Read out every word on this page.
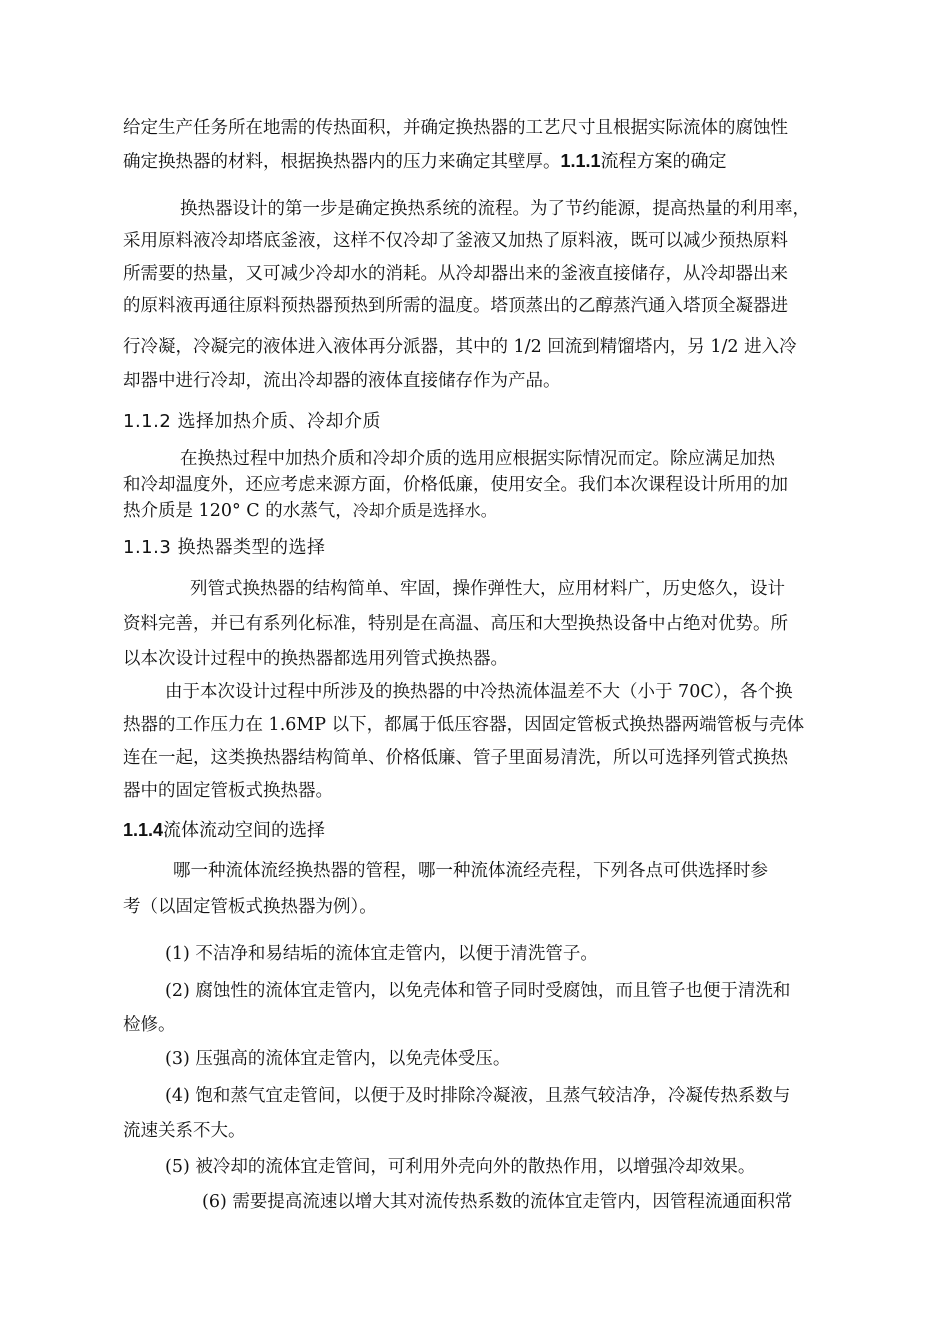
给定生产任务所在地需的传热面积，并确定换热器的工艺尺寸且根据实际流体的腐蚀性
确定换热器的材料，根据换热器内的压力来确定其壁厚。1.1.1流程方案的确定
换热器设计的第一步是确定换热系统的流程。为了节约能源，提高热量的利用率，
采用原料液冷却塔底釜液，这样不仅冷却了釜液又加热了原料液，既可以减少预热原料
所需要的热量，又可减少冷却水的消耗。从冷却器出来的釜液直接储存，从冷却器出来
的原料液再通往原料预热器预热到所需的温度。塔顶蒸出的乙醇蒸汽通入塔顶全凝器进
行冷凝，冷凝完的液体进入液体再分派器，其中的 1/2 回流到精馏塔内，另 1/2 进入冷
却器中进行冷却，流出冷却器的液体直接储存作为产品。
1.1.2 选择加热介质、冷却介质
在换热过程中加热介质和冷却介质的选用应根据实际情况而定。除应满足加热
和冷却温度外，还应考虑来源方面，价格低廉，使用安全。我们本次课程设计所用的加
热介质是 120° C 的水蒸气，冷却介质是选择水。
1.1.3 换热器类型的选择
列管式换热器的结构简单、牢固，操作弹性大，应用材料广，历史悠久，设计
资料完善，并已有系列化标准，特别是在高温、高压和大型换热设备中占绝对优势。所
以本次设计过程中的换热器都选用列管式换热器。
由于本次设计过程中所涉及的换热器的中冷热流体温差不大（小于 70C），各个换
热器的工作压力在 1.6MP 以下，都属于低压容器，因固定管板式换热器两端管板与壳体
连在一起，这类换热器结构简单、价格低廉、管子里面易清洗，所以可选择列管式换热
器中的固定管板式换热器。
1.1.4流体流动空间的选择
哪一种流体流经换热器的管程，哪一种流体流经壳程，下列各点可供选择时参
考（以固定管板式换热器为例）。
(1) 不洁净和易结垢的流体宜走管内，以便于清洗管子。
(2) 腐蚀性的流体宜走管内，以免壳体和管子同时受腐蚀，而且管子也便于清洗和
检修。
(3) 压强高的流体宜走管内，以免壳体受压。
(4) 饱和蒸气宜走管间，以便于及时排除冷凝液，且蒸气较洁净，冷凝传热系数与
流速关系不大。
(5) 被冷却的流体宜走管间，可利用外壳向外的散热作用，以增强冷却效果。
(6) 需要提高流速以增大其对流传热系数的流体宜走管内，因管程流通面积常
